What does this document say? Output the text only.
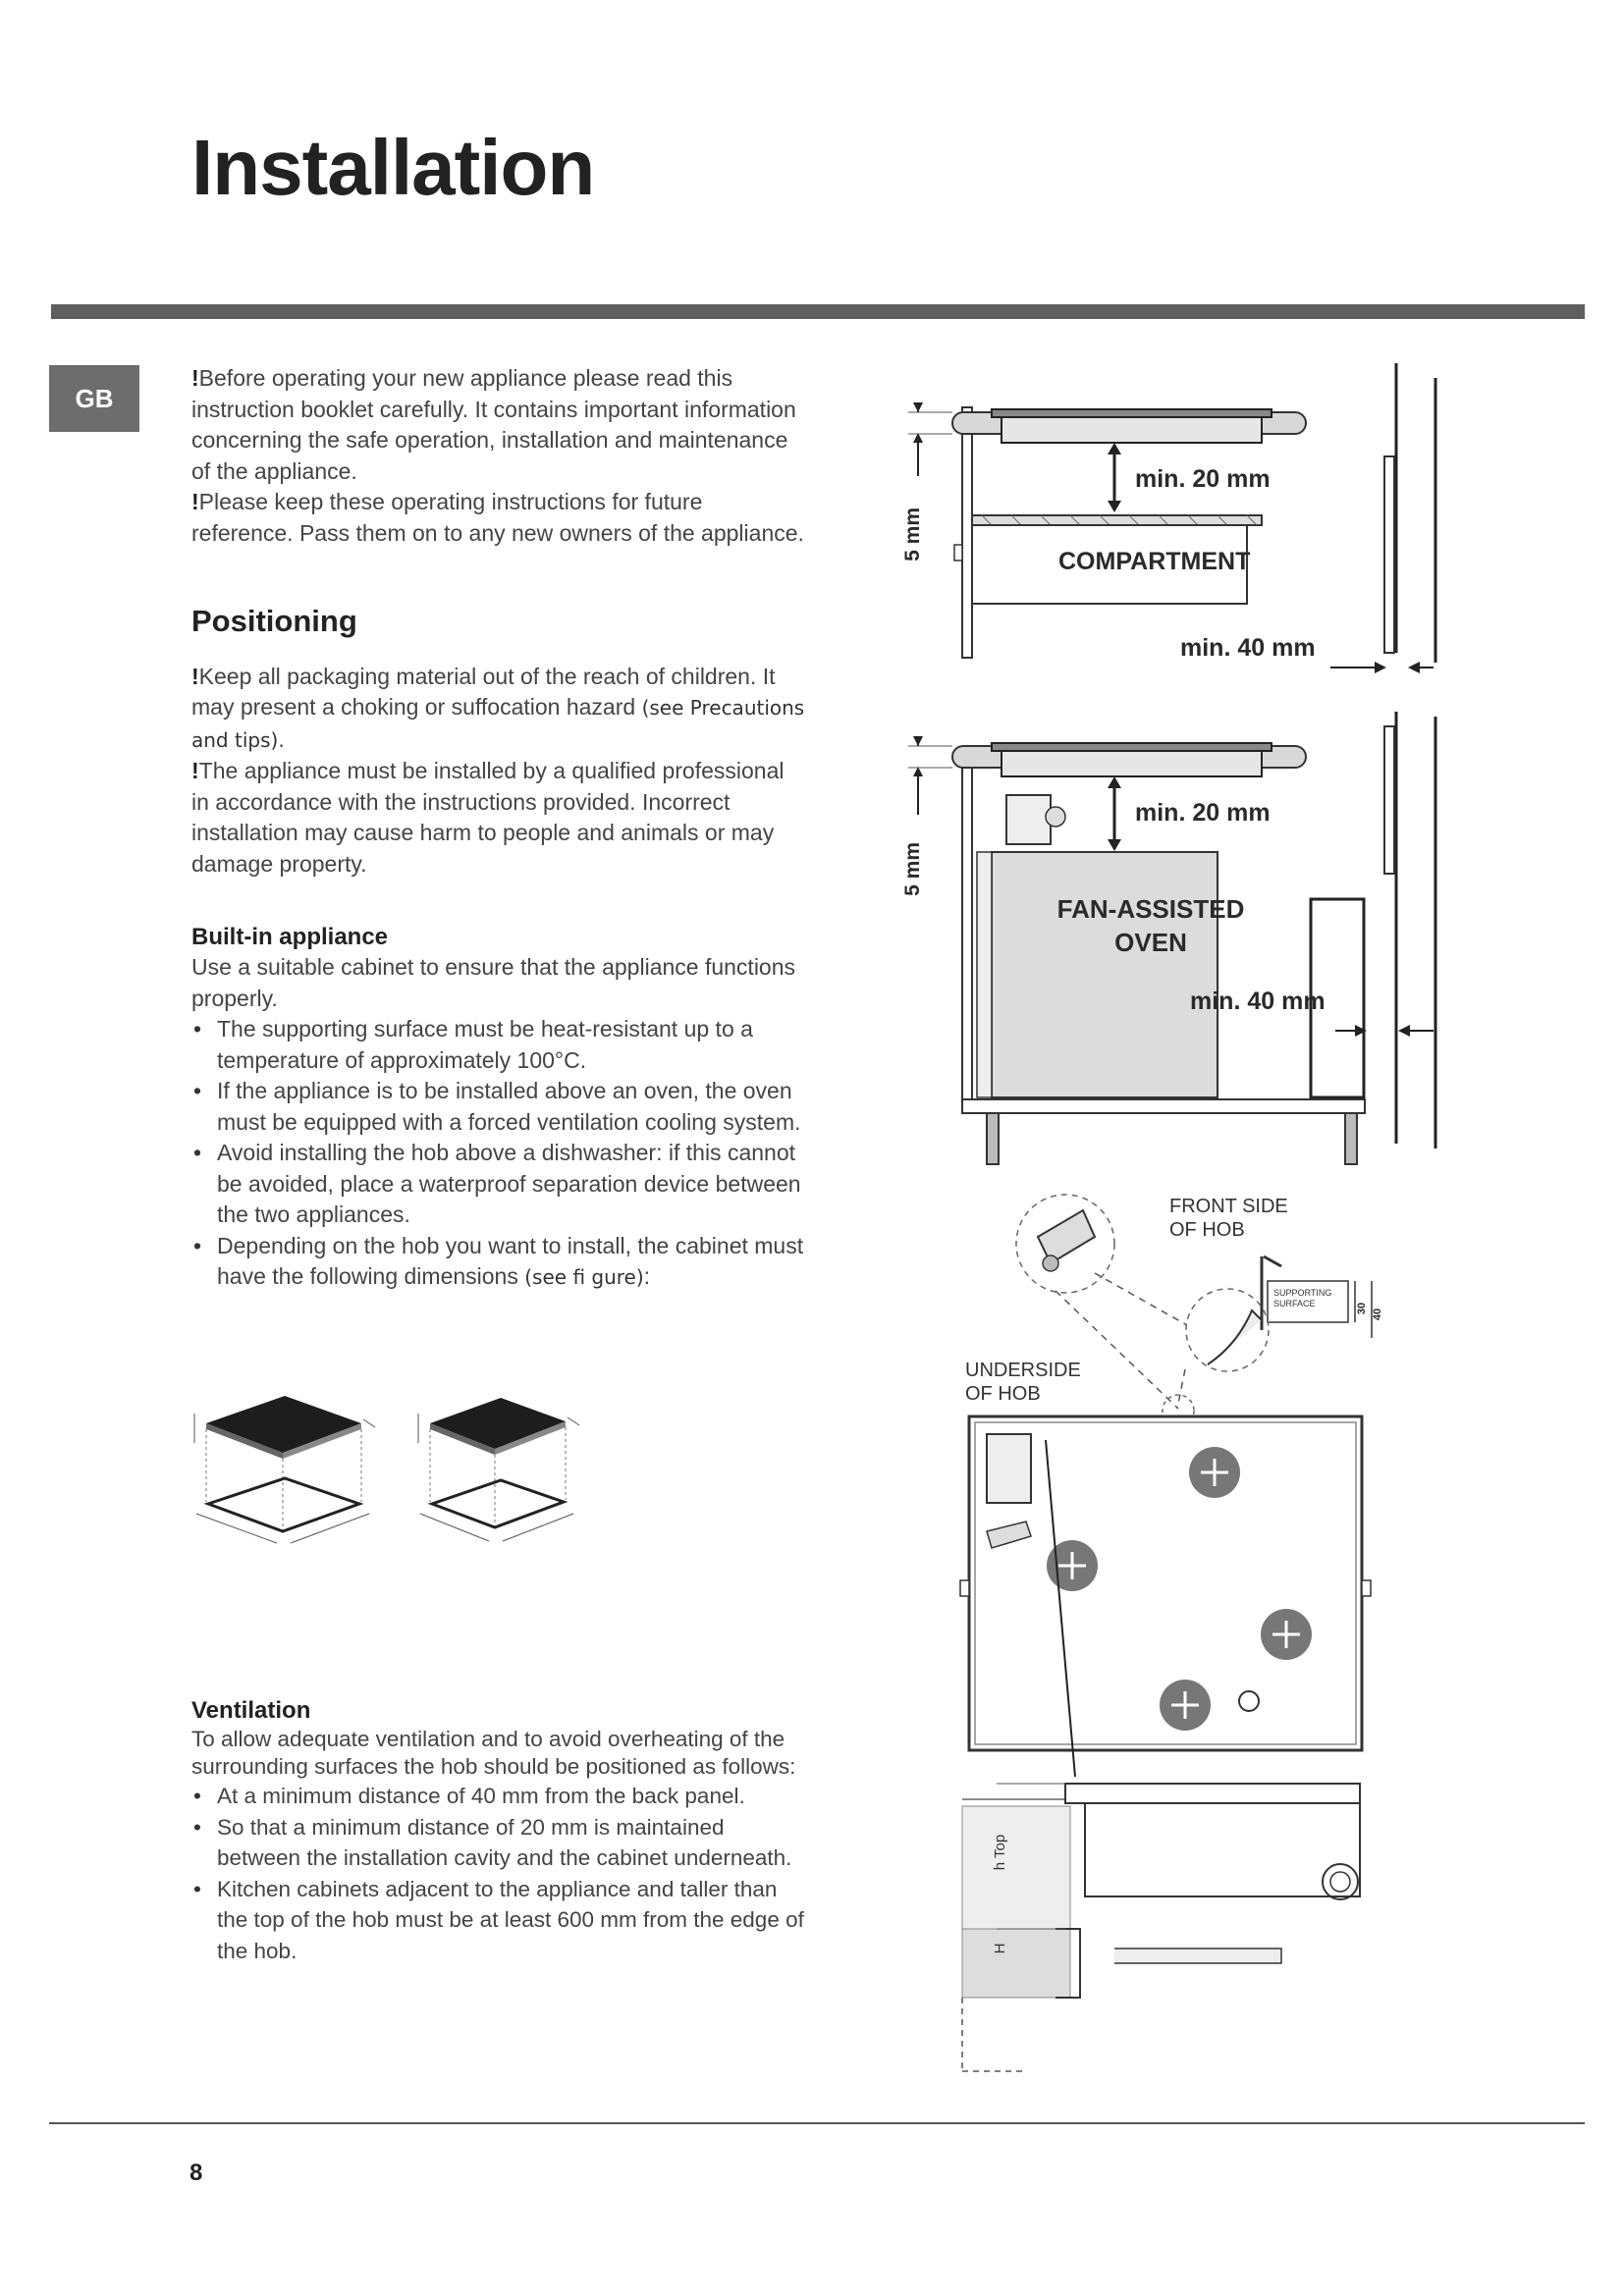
Installation
GB

!Before operating your new appliance please read this instruction booklet carefully. It contains important information concerning the safe operation, installation and maintenance of the appliance.

!Please keep these operating instructions for future reference. Pass them on to any new owners of the appliance.

Positioning

!Keep all packaging material out of the reach of children. It may present a choking or suffocation hazard (see Precautions and tips).

!The appliance must be installed by a qualified professional in accordance with the instructions provided. Incorrect installation may cause harm to people and animals or may damage property.

Built-in appliance

Use a suitable cabinet to ensure that the appliance functions properly.

• The supporting surface must be heat-resistant up to a temperature of approximately 100°C.
• If the appliance is to be installed above an oven, the oven must be equipped with a forced ventilation cooling system.
• Avoid installing the hob above a dishwasher: if this cannot be avoided, place a waterproof separation device between the two appliances.
• Depending on the hob you want to install, the cabinet must have the following dimensions (see fi gure):
Ventilation

To allow adequate ventilation and to avoid overheating of the surrounding surfaces the hob should be positioned as follows:

• At a minimum distance of 40 mm from the back panel.
• So that a minimum distance of 20 mm is maintained between the installation cavity and the cabinet underneath.
• Kitchen cabinets adjacent to the appliance and taller than the top of the hob must be at least 600 mm from the edge of the hob.
5 mm
min. 20 mm
COMPARTMENT
min. 40 mm
5 mm
min. 20 mm
FAN-ASSISTED
OVEN
min. 40 mm
FRONT SIDE
OF HOB
SUPPORTING
SURFACE	30 40
UNDERSIDE
OF HOB
h Top
H
8
